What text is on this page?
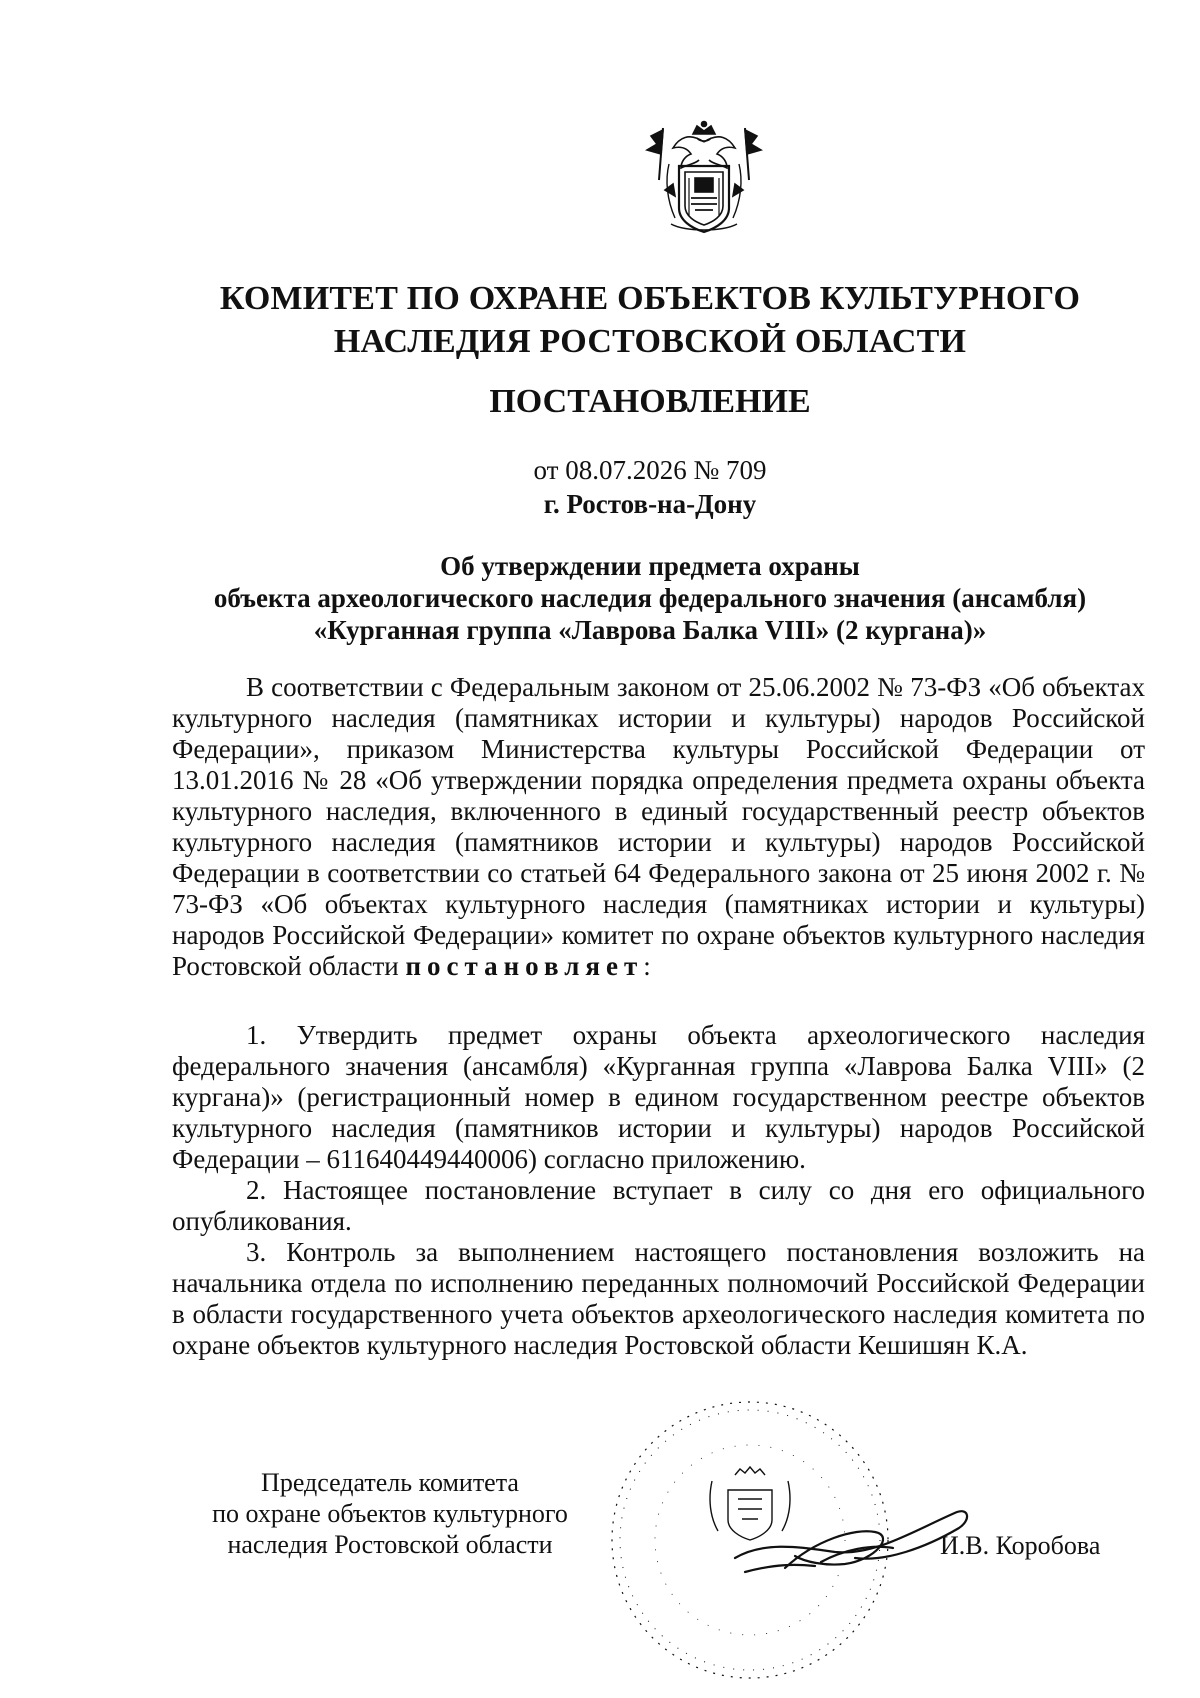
КОМИТЕТ ПО ОХРАНЕ ОБЪЕКТОВ КУЛЬТУРНОГО
НАСЛЕДИЯ РОСТОВСКОЙ ОБЛАСТИ
ПОСТАНОВЛЕНИЕ
от 08.07.2026 № 709
г. Ростов-на-Дону
Об утверждении предмета охраны
объекта археологического наследия федерального значения (ансамбля)
«Курганная группа «Лаврова Балка VIII» (2 кургана)»

В соответствии с Федеральным законом от 25.06.2002 № 73-ФЗ «Об объектах культурного наследия (памятниках истории и культуры) народов Российской Федерации», приказом Министерства культуры Российской Федерации от 13.01.2016 № 28 «Об утверждении порядка определения предмета охраны объекта культурного наследия, включенного в единый государственный реестр объектов культурного наследия (памятников истории и культуры) народов Российской Федерации в соответствии со статьей 64 Федерального закона от 25 июня 2002 г. № 73-ФЗ «Об объектах культурного наследия (памятниках истории и культуры) народов Российской Федерации» комитет по охране объектов культурного наследия Ростовской области постановляет:

1. Утвердить предмет охраны объекта археологического наследия федерального значения (ансамбля) «Курганная группа «Лаврова Балка VIII» (2 кургана)» (регистрационный номер в едином государственном реестре объектов культурного наследия (памятников истории и культуры) народов Российской Федерации – 611640449440006) согласно приложению.

2. Настоящее постановление вступает в силу со дня его официального опубликования.

3. Контроль за выполнением настоящего постановления возложить на начальника отдела по исполнению переданных полномочий Российской Федерации в области государственного учета объектов археологического наследия комитета по охране объектов культурного наследия Ростовской области Кешишян К.А.

Председатель комитета
по охране объектов культурного
наследия Ростовской области	И.В. Коробова
